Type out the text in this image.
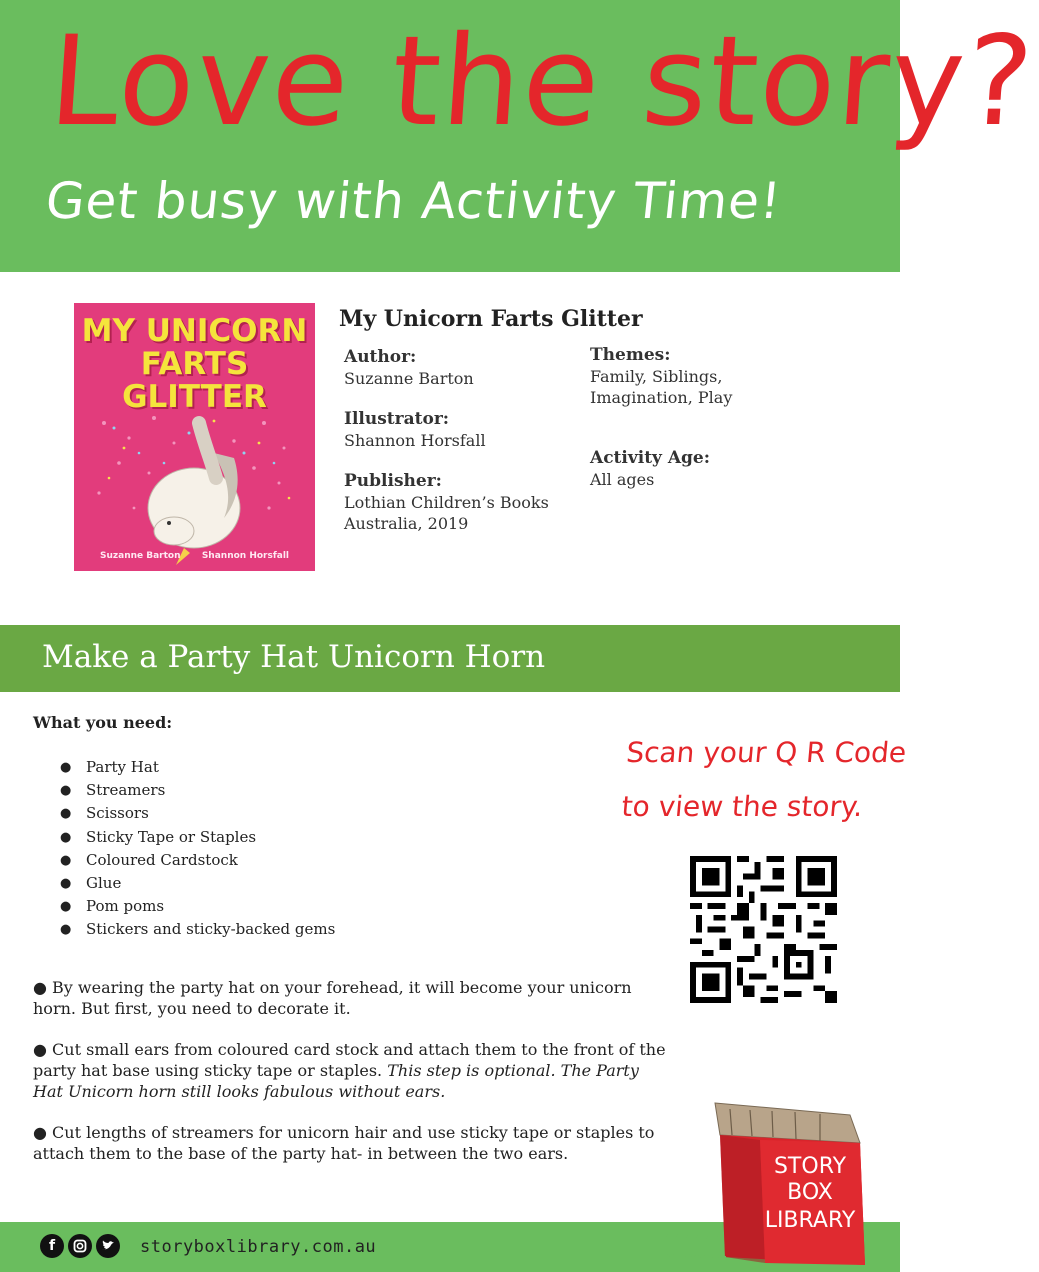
Love the story?
Get busy with Activity Time!
MY UNICORN
FARTS
GLITTER
Suzanne Barton Shannon Horsfall
My Unicorn Farts Glitter
Author:
Suzanne Barton
Illustrator:
Shannon Horsfall
Publisher:
Lothian Children’s Books
Australia, 2019
Themes:
Family, Siblings,
Imagination, Play
Activity Age:
All ages
Make a Party Hat Unicorn Horn
What you need:
● Party Hat
● Streamers
● Scissors
● Sticky Tape or Staples
● Coloured Cardstock
● Glue
● Pom poms
● Stickers and sticky-backed gems

● By wearing the party hat on your forehead, it will become your unicorn horn. But first, you need to decorate it.

● Cut small ears from coloured card stock and attach them to the front of the party hat base using sticky tape or staples. This step is optional. The Party Hat Unicorn horn still looks fabulous without ears.

● Cut lengths of streamers for unicorn hair and use sticky tape or staples to attach them to the base of the party hat- in between the two ears.

Scan your Q R Code
to view the story.
f	storyboxlibrary.com.au
STORY
BOX
LIBRARY
